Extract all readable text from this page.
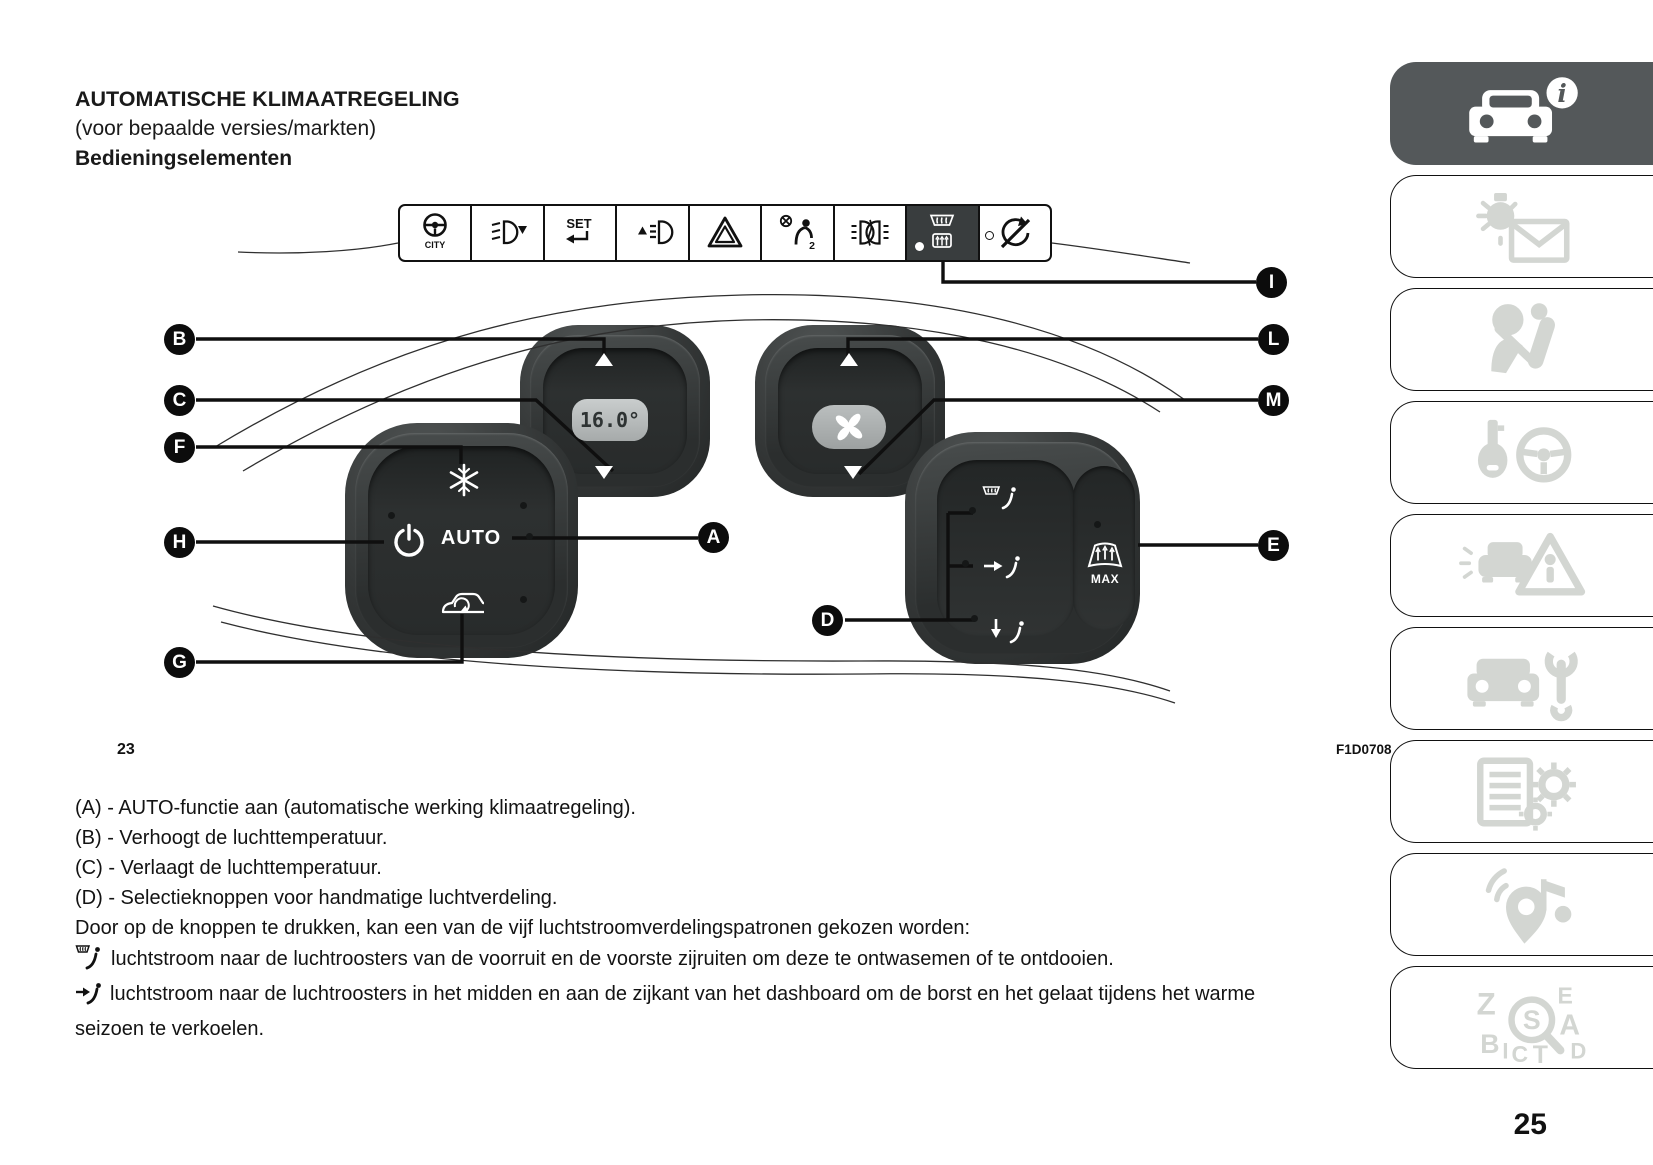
AUTOMATISCHE KLIMAATREGELING
(voor bepaalde versies/markten)
Bedieningselementen
CITY
SET
2
16.0°
AUTO
MAX
A
B
C
D
E
F
G
H
I
L
M
23	F1D0708
(A) - AUTO-functie aan (automatische werking klimaatregeling).
(B) - Verhoogt de luchttemperatuur.
(C) - Verlaagt de luchttemperatuur.
(D) - Selectieknoppen voor handmatige luchtverdeling.
Door op de knoppen te drukken, kan een van de vijf luchtstroomverdelingspatronen gekozen worden:
luchtstroom naar de luchtroosters van de voorruit en de voorste zijruiten om deze te ontwasemen of te ontdooien.
luchtstroom naar de luchtroosters in het midden en aan de zijkant van het dashboard om de borst en het gelaat tijdens het warme seizoen te verkoelen.
i
Z
B
E
A
D
I C T
S
25
